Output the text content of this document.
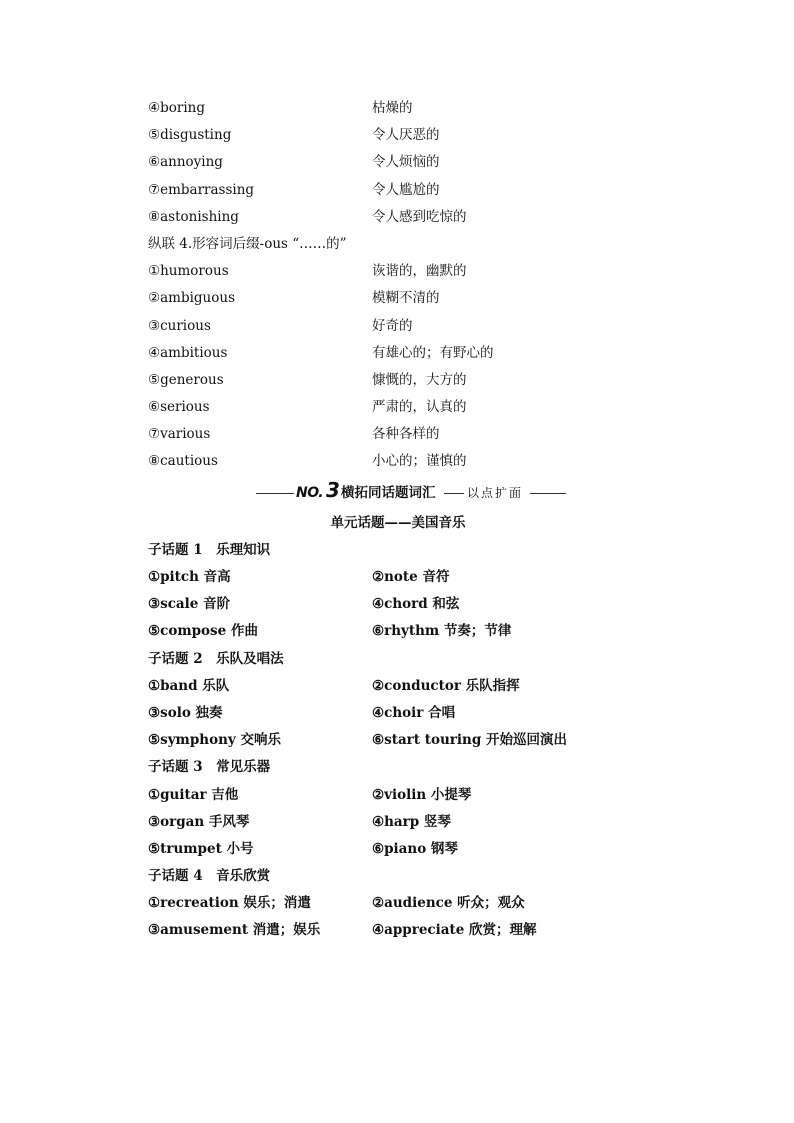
④boring	枯燥的
⑤disgusting	令人厌恶的
⑥annoying	令人烦恼的
⑦embarrassing	令人尴尬的
⑧astonishing	令人感到吃惊的
纵联 4.形容词后缀-ous “……的”
①humorous	诙谐的，幽默的
②ambiguous	模糊不清的
③curious	好奇的
④ambitious	有雄心的；有野心的
⑤generous	慷慨的，大方的
⑥serious	严肃的，认真的
⑦various	各种各样的
⑧cautious	小心的；谨慎的
NO. 3 横拓同话题词汇	以点扩面
单元话题——美国音乐
子话题 1　乐理知识
①pitch 音高	②note 音符
③scale 音阶	④chord 和弦
⑤compose 作曲	⑥rhythm 节奏；节律
子话题 2　乐队及唱法
①band 乐队	②conductor 乐队指挥
③solo 独奏	④choir 合唱
⑤symphony 交响乐	⑥start touring 开始巡回演出
子话题 3　常见乐器
①guitar 吉他	②violin 小提琴
③organ 手风琴	④harp 竖琴
⑤trumpet 小号	⑥piano 钢琴
子话题 4　音乐欣赏
①recreation 娱乐；消遣	②audience 听众；观众
③amusement 消遣；娱乐	④appreciate 欣赏；理解
